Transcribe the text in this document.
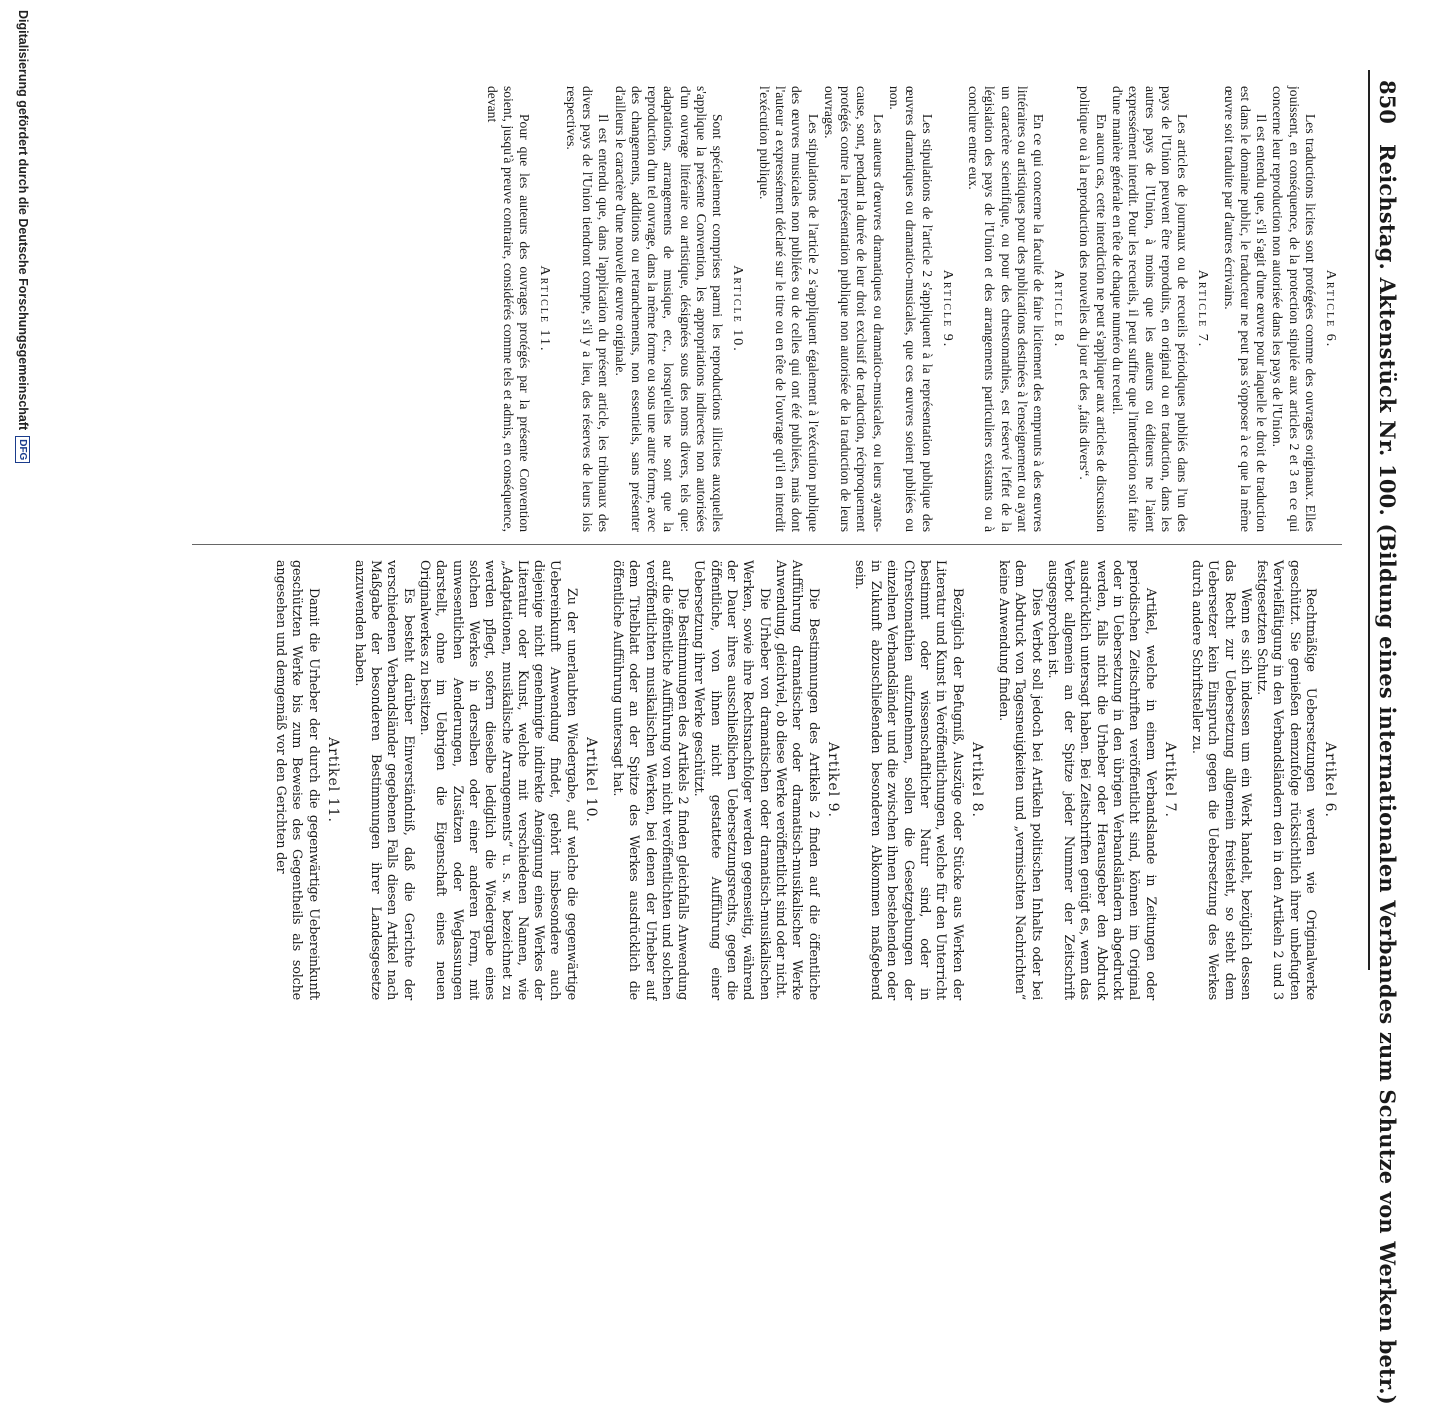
850
Reichstag. Aktenstück Nr. 100. (Bildung eines internationalen Verbandes zum Schutze von Werken betr.)
Article 6.

Les traductions licites sont protégées comme des ouvrages originaux. Elles jouissent, en conséquence, de la protection stipulée aux articles 2 et 3 en ce qui concerne leur reproduction non autorisée dans les pays de l'Union.

Il est entendu que, s'il s'agit d'une œuvre pour laquelle le droit de traduction est dans le domaine public, le traducteur ne peut pas s'opposer à ce que la même œuvre soit traduite par d'autres écrivains.

Article 7.

Les articles de journaux ou de recueils périodiques publiés dans l'un des pays de l'Union peuvent être reproduits, en original ou en traduction, dans les autres pays de l'Union, à moins que les auteurs ou éditeurs ne l'aient expressément interdit. Pour les recueils, il peut suffire que l'interdiction soit faite d'une manière générale en tête de chaque numéro du recueil.

En aucun cas, cette interdiction ne peut s'appliquer aux articles de discussion politique ou à la reproduction des nouvelles du jour et des „faits divers“.

Article 8.

En ce qui concerne la faculté de faire licitement des emprunts à des œuvres littéraires ou artistiques pour des publications destinées à l'enseignement ou ayant un caractère scientifique, ou pour des chrestomathies, est réservé l'effet de la législation des pays de l'Union et des arrangements particuliers existants ou à conclure entre eux.

Article 9.

Les stipulations de l'article 2 s'appliquent à la représentation publique des œuvres dramatiques ou dramatico-musicales, que ces œuvres soient publiées ou non.

Les auteurs d'œuvres dramatiques ou dramatico-musicales, ou leurs ayants-cause, sont, pendant la durée de leur droit exclusif de traduction, réciproquement protégés contre la représentation publique non autorisée de la traduction de leurs ouvrages.

Les stipulations de l'article 2 s'appliquent également à l'exécution publique des œuvres musicales non publiées ou de celles qui ont été publiées, mais dont l'auteur a expressément déclaré sur le titre ou en tête de l'ouvrage qu'il en interdit l'exécution publique.

Article 10.

Sont spécialement comprises parmi les reproductions illicites auxquelles s'applique la présente Convention, les appropriations indirectes non autorisées d'un ouvrage littéraire ou artistique, désignées sous des noms divers, tels que: adaptations, arrangements de musique, etc., lorsqu'elles ne sont que la reproduction d'un tel ouvrage, dans la même forme ou sous une autre forme, avec des changements, additions ou retranchements, non essentiels, sans présenter d'ailleurs le caractère d'une nouvelle œuvre originale.

Il est entendu que, dans l'application du présent article, les tribunaux des divers pays de l'Union tiendront compte, s'il y a lieu, des réserves de leurs lois respectives.

Article 11.

Pour que les auteurs des ouvrages protégés par la présente Convention soient, jusqu'à preuve contraire, considérés comme tels et admis, en conséquence, devant

Artikel 6.

Rechtmäßige Uebersetzungen werden wie Originalwerke geschützt. Sie genießen demzufolge rücksichtlich ihrer unbefugten Vervielfältigung in den Verbandsländern den in den Artikeln 2 und 3 festgesetzten Schutz.

Wenn es sich indessen um ein Werk handelt, bezüglich dessen das Recht zur Uebersetzung allgemein freisteht, so steht dem Uebersetzer kein Einspruch gegen die Uebersetzung des Werkes durch andere Schriftsteller zu.

Artikel 7.

Artikel, welche in einem Verbandslande in Zeitungen oder periodischen Zeitschriften veröffentlicht sind, können im Original oder in Uebersetzung in den übrigen Verbandsländern abgedruckt werden, falls nicht die Urheber oder Herausgeber den Abdruck ausdrücklich untersagt haben. Bei Zeitschriften genügt es, wenn das Verbot allgemein an der Spitze jeder Nummer der Zeitschrift ausgesprochen ist.

Dies Verbot soll jedoch bei Artikeln politischen Inhalts oder bei dem Abdruck von Tagesneuigkeiten und „vermischten Nachrichten“ keine Anwendung finden.

Artikel 8.

Bezüglich der Befugniß, Auszüge oder Stücke aus Werken der Literatur und Kunst in Veröffentlichungen, welche für den Unterricht bestimmt oder wissenschaftlicher Natur sind, oder in Chrestomathien aufzunehmen, sollen die Gesetzgebungen der einzelnen Verbandsländer und die zwischen ihnen bestehenden oder in Zukunft abzuschließenden besonderen Abkommen maßgebend sein.

Artikel 9.

Die Bestimmungen des Artikels 2 finden auf die öffentliche Aufführung dramatischer oder dramatisch-musikalischer Werke Anwendung, gleichviel, ob diese Werke veröffentlicht sind oder nicht.

Die Urheber von dramatischen oder dramatisch-musikalischen Werken, sowie ihre Rechtsnachfolger werden gegenseitig, während der Dauer ihres ausschließlichen Uebersetzungsrechts, gegen die öffentliche, von ihnen nicht gestattete Aufführung einer Uebersetzung ihrer Werke geschützt.

Die Bestimmungen des Artikels 2 finden gleichfalls Anwendung auf die öffentliche Aufführung von nicht veröffentlichten und solchen veröffentlichten musikalischen Werken, bei denen der Urheber auf dem Titelblatt oder an der Spitze des Werkes ausdrücklich die öffentliche Aufführung untersagt hat.

Artikel 10.

Zu der unerlaubten Wiedergabe, auf welche die gegenwärtige Uebereinkunft Anwendung findet, gehört insbesondere auch diejenige nicht genehmigte indirekte Aneignung eines Werkes der Literatur oder Kunst, welche mit verschiedenen Namen, wie „Adaptationen, musikalische Arrangements“ u. s. w. bezeichnet zu werden pflegt, sofern dieselbe lediglich die Wiedergabe eines solchen Werkes in derselben oder einer anderen Form, mit unwesentlichen Aenderungen, Zusätzen oder Weglassungen darstellt, ohne im Uebrigen die Eigenschaft eines neuen Originalwerkes zu besitzen.

Es besteht darüber Einverständniß, daß die Gerichte der verschiedenen Verbandsländer gegebenen Falls diesen Artikel nach Maßgabe der besonderen Bestimmungen ihrer Landesgesetze anzuwenden haben.

Artikel 11.

Damit die Urheber der durch die gegenwärtige Uebereinkunft geschützten Werke bis zum Beweise des Gegentheils als solche angesehen und demgemäß vor den Gerichten der

Digitalisierung gefördert durch die Deutsche Forschungsgemeinschaft
DFG
